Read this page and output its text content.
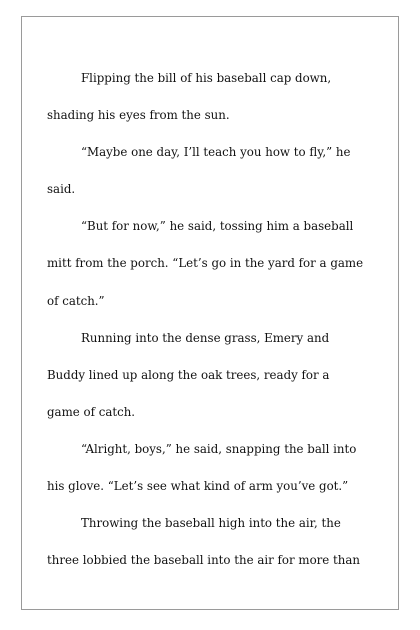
Flipping the bill of his baseball cap down,
shading his eyes from the sun.
“Maybe one day, I’ll teach you how to fly,” he
said.
“But for now,” he said, tossing him a baseball
mitt from the porch. “Let’s go in the yard for a game
of catch.”
Running into the dense grass, Emery and
Buddy lined up along the oak trees, ready for a
game of catch.
“Alright, boys,” he said, snapping the ball into
his glove. “Let’s see what kind of arm you’ve got.”
Throwing the baseball high into the air, the
three lobbied the baseball into the air for more than
